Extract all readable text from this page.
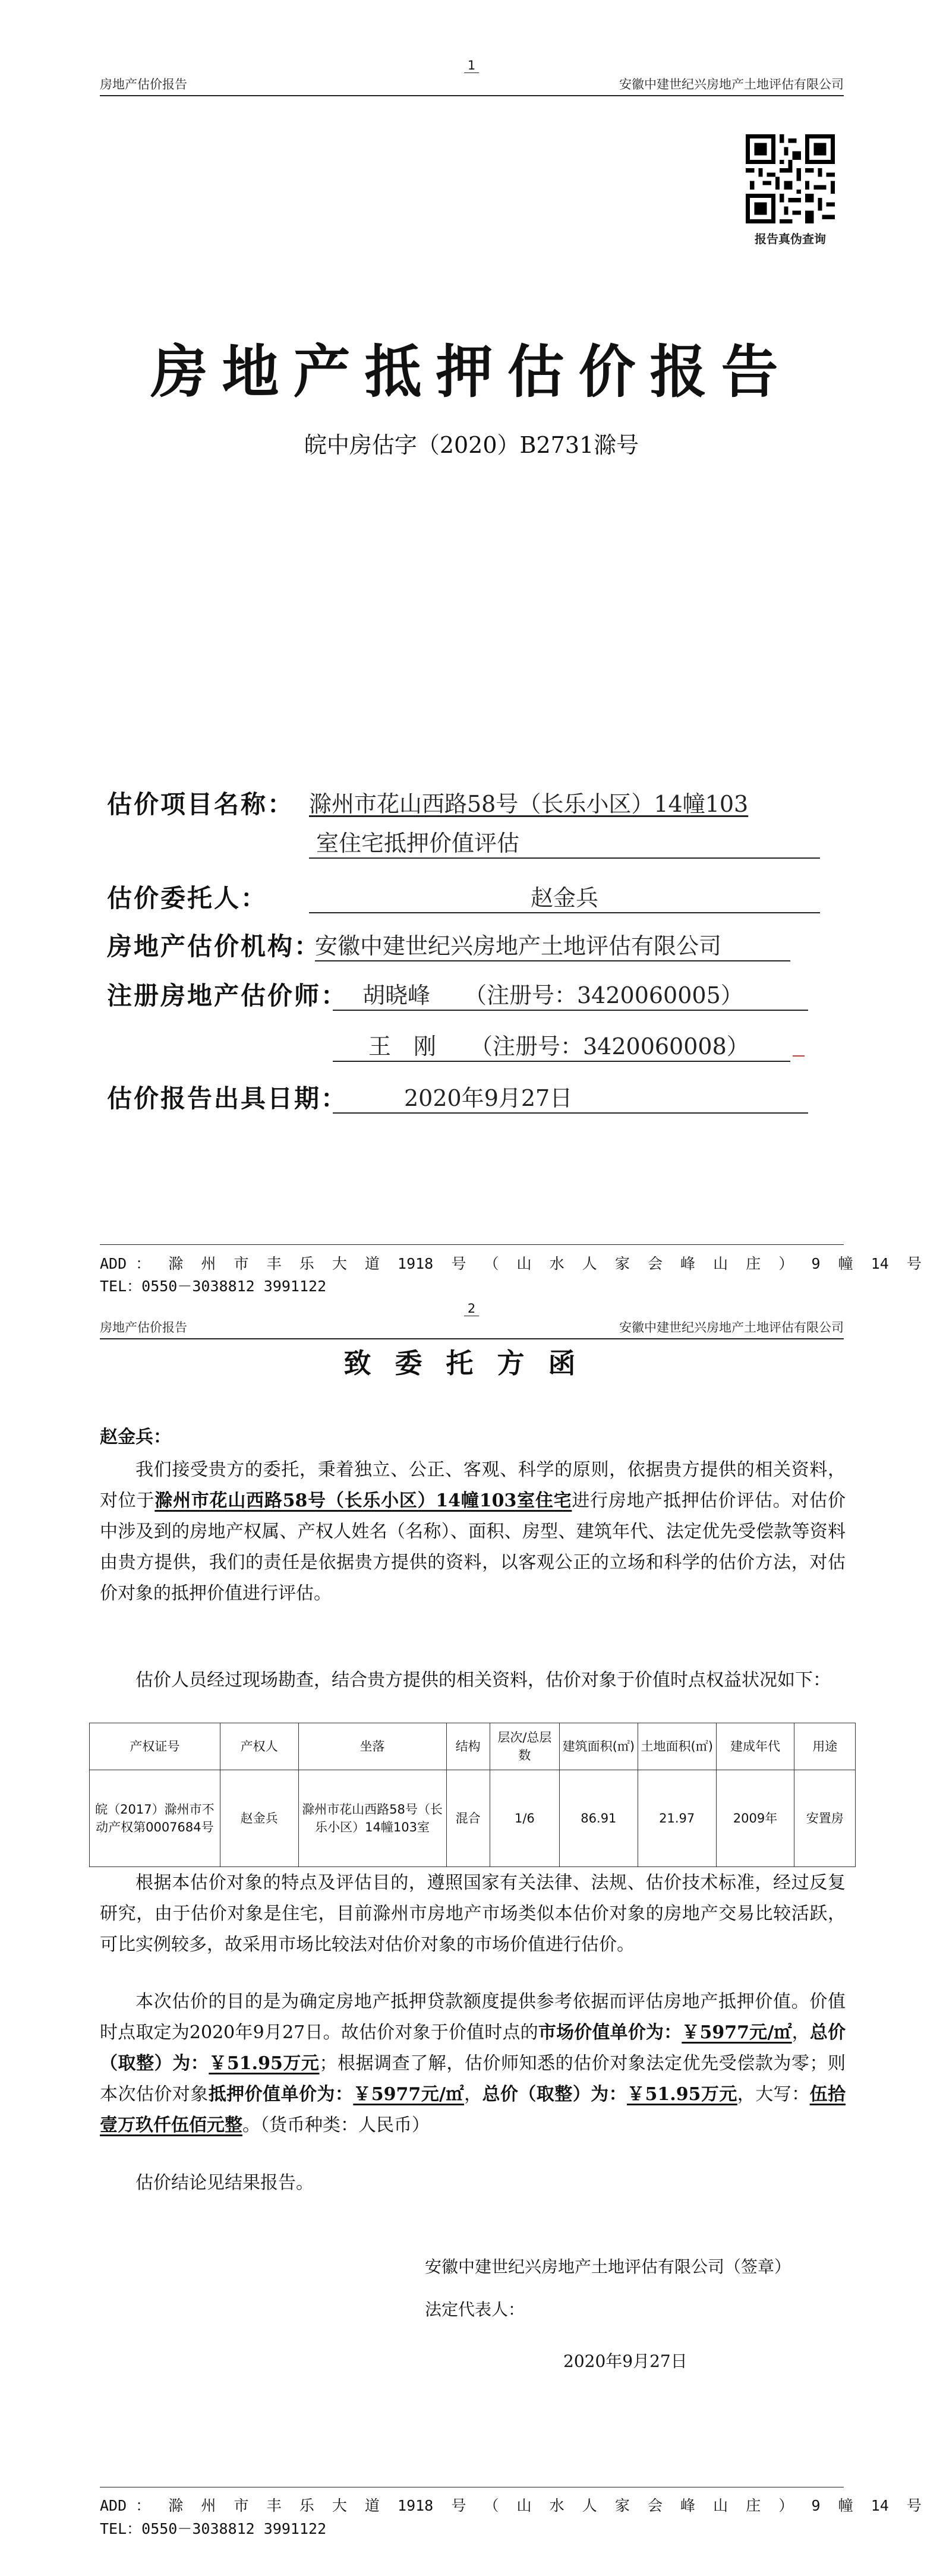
房地产估价报告
1
安徽中建世纪兴房地产土地评估有限公司
报告真伪查询
房地产抵押估价报告
皖中房估字（2020）B2731滁号
估价项目名称： 滁州市花山西路58号（长乐小区）14幢103
室住宅抵押价值评估
估价委托人：	赵金兵
房地产估价机构：
安徽中建世纪兴房地产土地评估有限公司
注册房地产估价师： 胡晓峰　　（注册号：3420060005）
王　刚　　（注册号：3420060008）
估价报告出具日期：	2020年9月27日
ADD ：  滁  州  市  丰  乐  大  道  1918  号  （  山  水  人  家  会  峰  山  庄  ）  9  幢  14  号
TEL：0550－3038812 3991122
房地产估价报告
2
安徽中建世纪兴房地产土地评估有限公司
致委托方函
赵金兵：
我们接受贵方的委托，秉着独立、公正、客观、科学的原则，依据贵方提供的相关资料，对位于滁州市花山西路58号（长乐小区）14幢103室住宅进行房地产抵押估价评估。对估价中涉及到的房地产权属、产权人姓名（名称）、面积、房型、建筑年代、法定优先受偿款等资料由贵方提供，我们的责任是依据贵方提供的资料，以客观公正的立场和科学的估价方法，对估价对象的抵押价值进行评估。
估价人员经过现场勘查，结合贵方提供的相关资料，估价对象于价值时点权益状况如下：
产权证号	产权人	坐落	结构	层次/总层数	建筑面积(㎡)	土地面积(㎡)	建成年代	用途
皖（2017）滁州市不动产权第0007684号	赵金兵	滁州市花山西路58号（长乐小区）14幢103室	混合	1/6	86.91	21.97	2009年	安置房
根据本估价对象的特点及评估目的，遵照国家有关法律、法规、估价技术标准，经过反复研究，由于估价对象是住宅，目前滁州市房地产市场类似本估价对象的房地产交易比较活跃，可比实例较多，故采用市场比较法对估价对象的市场价值进行估价。
本次估价的目的是为确定房地产抵押贷款额度提供参考依据而评估房地产抵押价值。价值时点取定为2020年9月27日。故估价对象于价值时点的市场价值单价为：￥5977元/㎡，总价（取整）为：￥51.95万元；根据调查了解，估价师知悉的估价对象法定优先受偿款为零；则本次估价对象抵押价值单价为：￥5977元/㎡，总价（取整）为：￥51.95万元，大写：伍拾壹万玖仟伍佰元整。（货币种类：人民币）
估价结论见结果报告。
安徽中建世纪兴房地产土地评估有限公司（签章）
法定代表人：
2020年9月27日
ADD ：  滁  州  市  丰  乐  大  道  1918  号  （  山  水  人  家  会  峰  山  庄  ）  9  幢  14  号
TEL：0550－3038812 3991122
